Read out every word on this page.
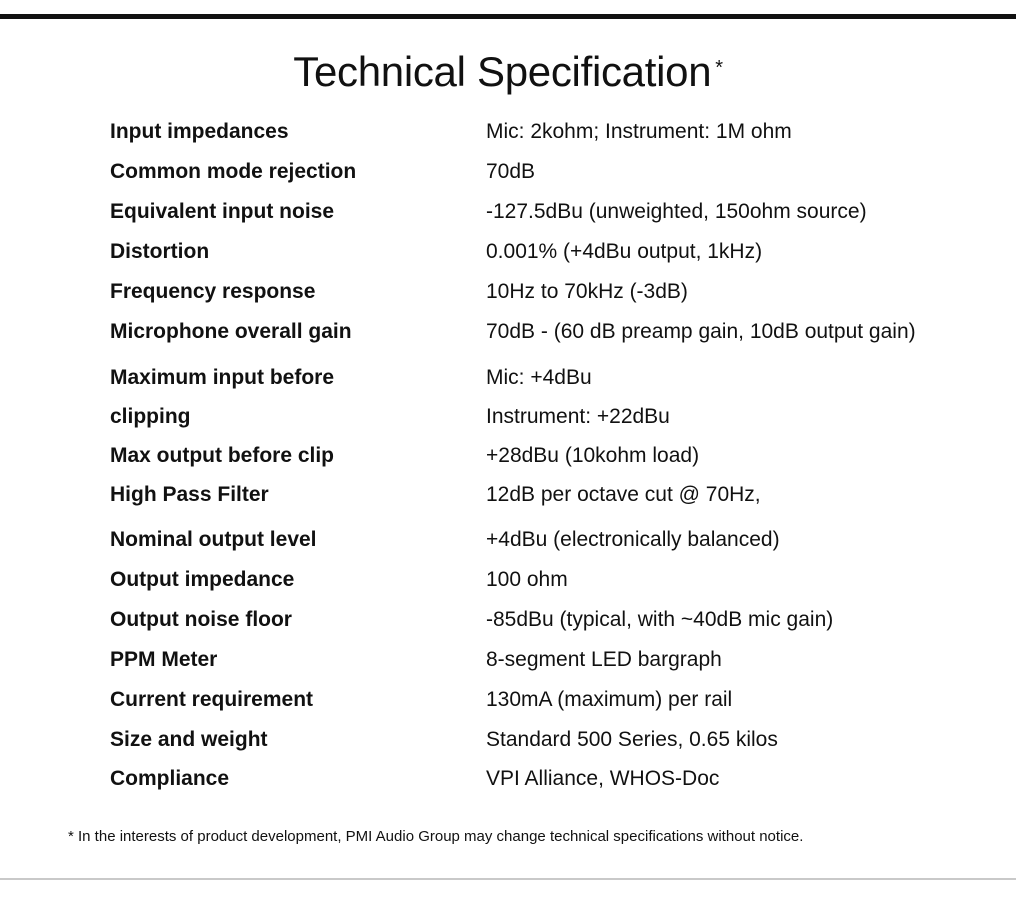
Technical Specification *
Input impedances	Mic: 2kohm; Instrument: 1M ohm
Common mode rejection	70dB
Equivalent input noise	-127.5dBu (unweighted, 150ohm source)
Distortion	0.001% (+4dBu output, 1kHz)
Frequency response	10Hz to 70kHz (-3dB)
Microphone overall gain	70dB - (60 dB preamp gain, 10dB output gain)
Maximum input before	Mic: +4dBu
clipping	Instrument: +22dBu
Max output before clip	+28dBu (10kohm load)
High Pass Filter	12dB per octave cut @ 70Hz,
Nominal output level	+4dBu (electronically balanced)
Output impedance	100 ohm
Output noise floor	-85dBu (typical, with ~40dB mic gain)
PPM Meter	8-segment LED bargraph
Current requirement	130mA (maximum) per rail
Size and weight	Standard 500 Series, 0.65 kilos
Compliance	VPI Alliance, WHOS-Doc
* In the interests of product development, PMI Audio Group may change technical specifications without notice.
